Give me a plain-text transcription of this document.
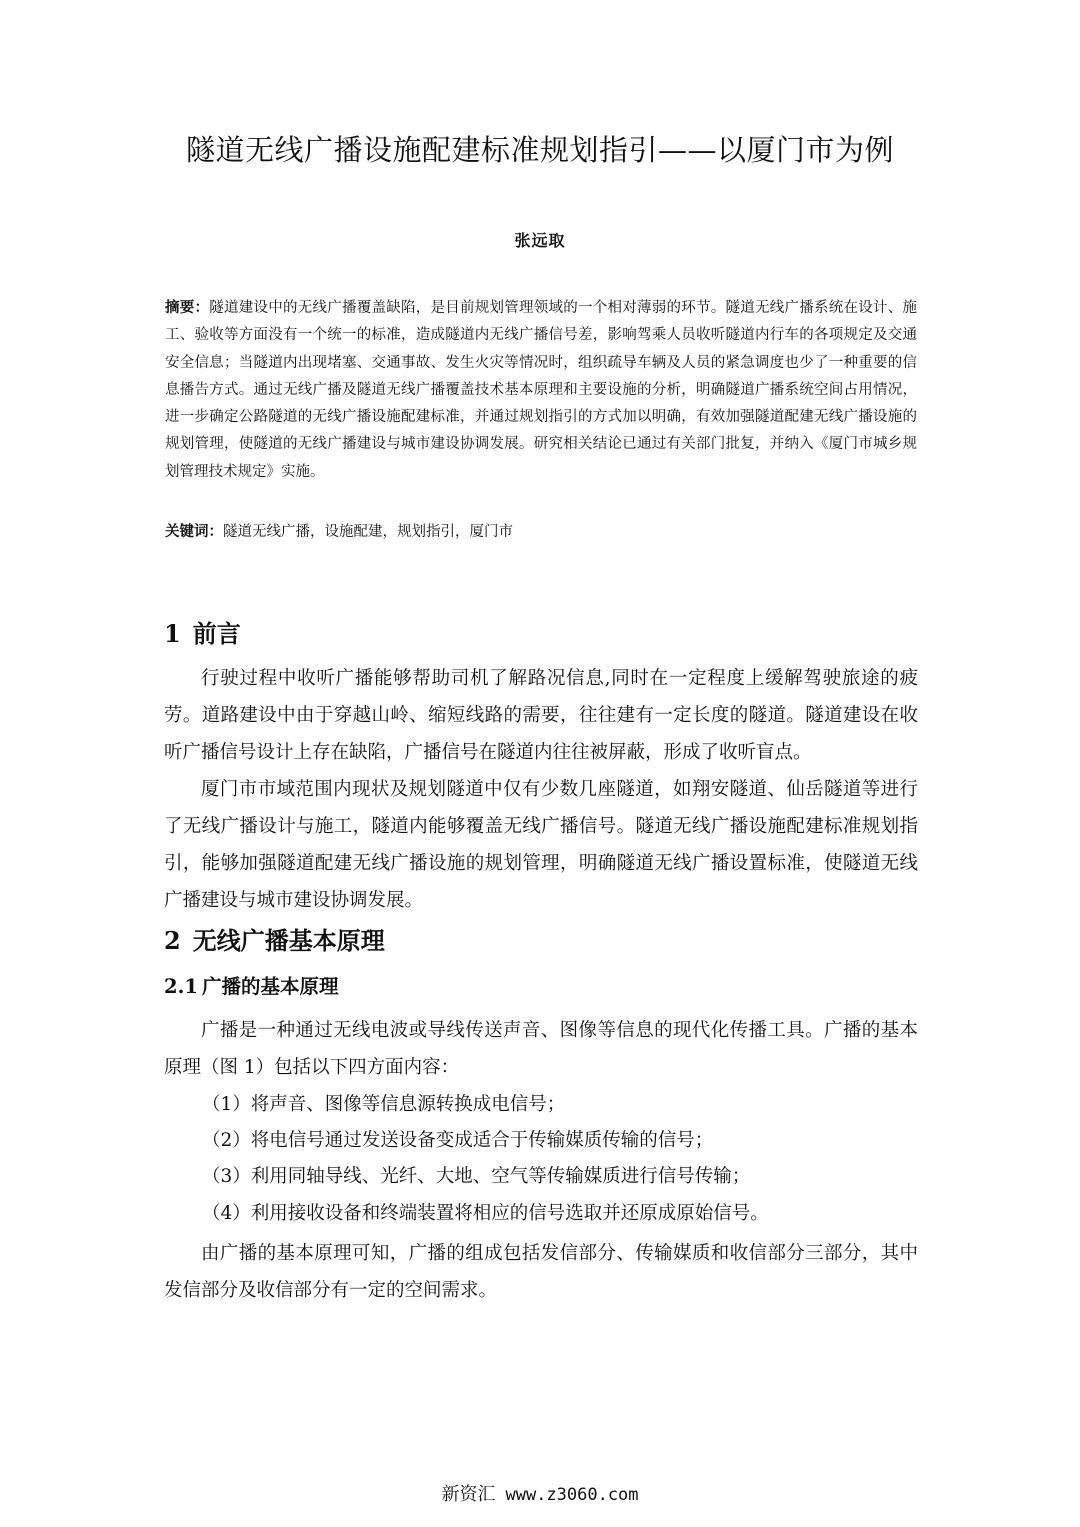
隧道无线广播设施配建标准规划指引——以厦门市为例
张远取
摘要：隧道建设中的无线广播覆盖缺陷，是目前规划管理领域的一个相对薄弱的环节。隧道无线广播系统在设计、施工、验收等方面没有一个统一的标准，造成隧道内无线广播信号差，影响驾乘人员收听隧道内行车的各项规定及交通安全信息；当隧道内出现堵塞、交通事故、发生火灾等情况时，组织疏导车辆及人员的紧急调度也少了一种重要的信息播告方式。通过无线广播及隧道无线广播覆盖技术基本原理和主要设施的分析，明确隧道广播系统空间占用情况，进一步确定公路隧道的无线广播设施配建标准，并通过规划指引的方式加以明确，有效加强隧道配建无线广播设施的规划管理，使隧道的无线广播建设与城市建设协调发展。研究相关结论已通过有关部门批复，并纳入《厦门市城乡规划管理技术规定》实施。
关键词：隧道无线广播，设施配建，规划指引，厦门市
1 前言
行驶过程中收听广播能够帮助司机了解路况信息,同时在一定程度上缓解驾驶旅途的疲劳。道路建设中由于穿越山岭、缩短线路的需要，往往建有一定长度的隧道。隧道建设在收听广播信号设计上存在缺陷，广播信号在隧道内往往被屏蔽，形成了收听盲点。
厦门市市域范围内现状及规划隧道中仅有少数几座隧道，如翔安隧道、仙岳隧道等进行了无线广播设计与施工，隧道内能够覆盖无线广播信号。隧道无线广播设施配建标准规划指引，能够加强隧道配建无线广播设施的规划管理，明确隧道无线广播设置标准，使隧道无线广播建设与城市建设协调发展。
2 无线广播基本原理
2.1 广播的基本原理
广播是一种通过无线电波或导线传送声音、图像等信息的现代化传播工具。广播的基本原理（图 1）包括以下四方面内容：
（1）将声音、图像等信息源转换成电信号；
（2）将电信号通过发送设备变成适合于传输媒质传输的信号；
（3）利用同轴导线、光纤、大地、空气等传输媒质进行信号传输；
（4）利用接收设备和终端装置将相应的信号选取并还原成原始信号。
由广播的基本原理可知，广播的组成包括发信部分、传输媒质和收信部分三部分，其中发信部分及收信部分有一定的空间需求。
新资汇 www.z3060.com
